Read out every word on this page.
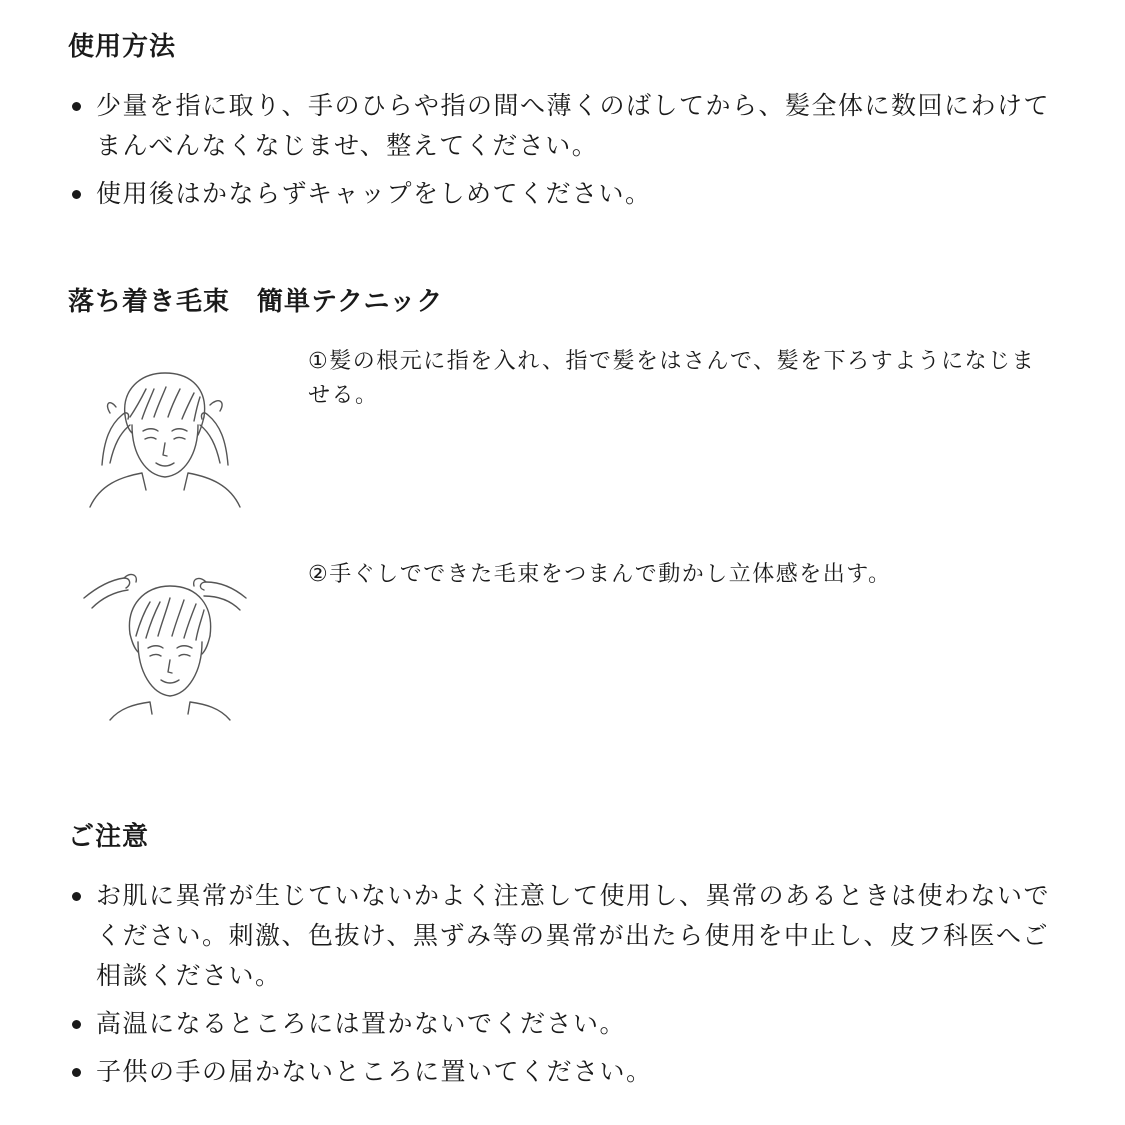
使用方法
少量を指に取り、手のひらや指の間へ薄くのばしてから、髪全体に数回にわけてまんべんなくなじませ、整えてください。
使用後はかならずキャップをしめてください。
落ち着き毛束　簡単テクニック

①髪の根元に指を入れ、指で髪をはさんで、髪を下ろすようになじませる。

②手ぐしでできた毛束をつまんで動かし立体感を出す。

ご注意
お肌に異常が生じていないかよく注意して使用し、異常のあるときは使わないでください。刺激、色抜け、黒ずみ等の異常が出たら使用を中止し、皮フ科医へご相談ください。
高温になるところには置かないでください。
子供の手の届かないところに置いてください。
